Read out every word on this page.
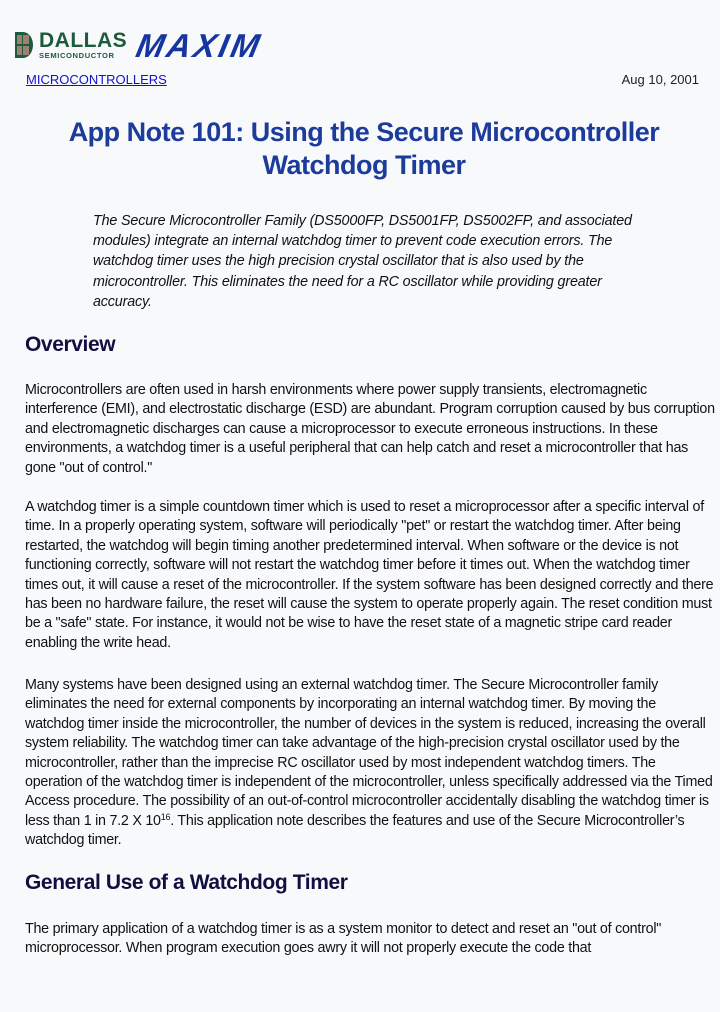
DALLAS
SEMICONDUCTOR MAXIM
MICROCONTROLLERS	Aug 10, 2001
App Note 101: Using the Secure Microcontroller
Watchdog Timer
The Secure Microcontroller Family (DS5000FP, DS5001FP, DS5002FP, and associated modules) integrate an internal watchdog timer to prevent code execution errors. The watchdog timer uses the high precision crystal oscillator that is also used by the microcontroller. This eliminates the need for a RC oscillator while providing greater accuracy.
Overview

Microcontrollers are often used in harsh environments where power supply transients, electromagnetic interference (EMI), and electrostatic discharge (ESD) are abundant. Program corruption caused by bus corruption and electromagnetic discharges can cause a microprocessor to execute erroneous instructions. In these environments, a watchdog timer is a useful peripheral that can help catch and reset a microcontroller that has gone "out of control."

A watchdog timer is a simple countdown timer which is used to reset a microprocessor after a specific interval of time. In a properly operating system, software will periodically "pet" or restart the watchdog timer. After being restarted, the watchdog will begin timing another predetermined interval. When software or the device is not functioning correctly, software will not restart the watchdog timer before it times out. When the watchdog timer times out, it will cause a reset of the microcontroller. If the system software has been designed correctly and there has been no hardware failure, the reset will cause the system to operate properly again. The reset condition must be a "safe" state. For instance, it would not be wise to have the reset state of a magnetic stripe card reader enabling the write head.

Many systems have been designed using an external watchdog timer. The Secure Microcontroller family eliminates the need for external components by incorporating an internal watchdog timer. By moving the watchdog timer inside the microcontroller, the number of devices in the system is reduced, increasing the overall system reliability. The watchdog timer can take advantage of the high-precision crystal oscillator used by the microcontroller, rather than the imprecise RC oscillator used by most independent watchdog timers. The operation of the watchdog timer is independent of the microcontroller, unless specifically addressed via the Timed Access procedure. The possibility of an out-of-control microcontroller accidentally disabling the watchdog timer is less than 1 in 7.2 X $10^{16}$. This application note describes the features and use of the Secure Microcontroller’s watchdog timer.

General Use of a Watchdog Timer

The primary application of a watchdog timer is as a system monitor to detect and reset an "out of control" microprocessor. When program execution goes awry it will not properly execute the code that
